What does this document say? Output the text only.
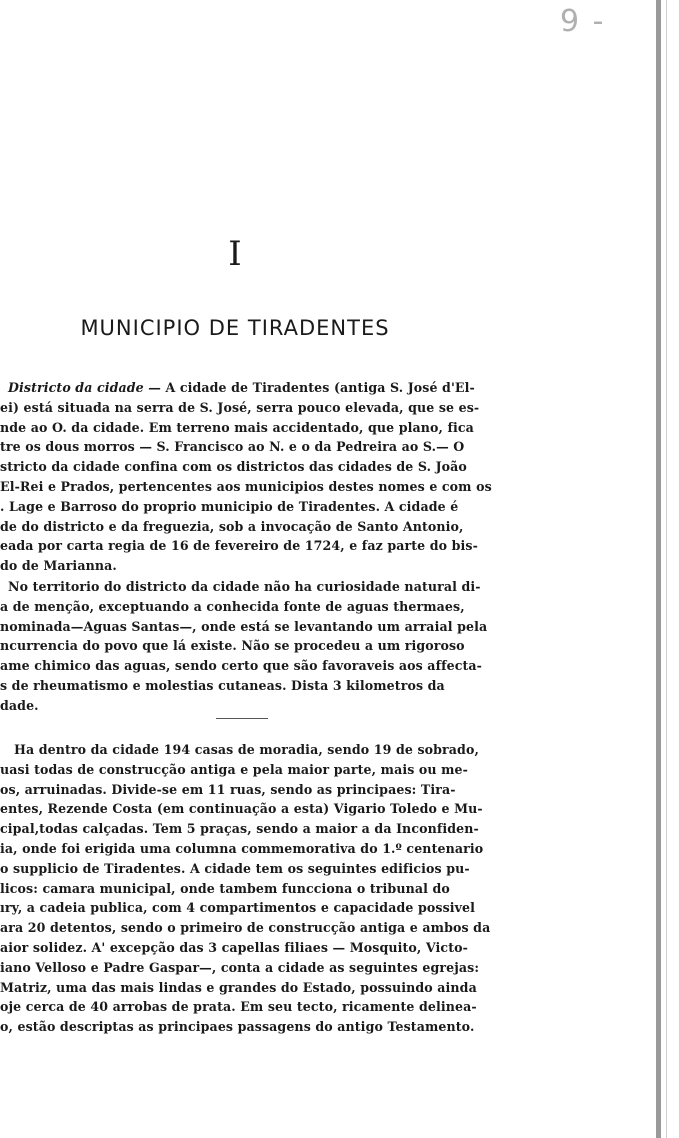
9 -
I
MUNICIPIO DE TIRADENTES
Districto da cidade — A cidade de Tiradentes (antiga S. José d'El-
ei) está situada na serra de S. José, serra pouco elevada, que se es-
nde ao O. da cidade. Em terreno mais accidentado, que plano, fica
tre os dous morros — S. Francisco ao N. e o da Pedreira ao S.— O
stricto da cidade confina com os districtos das cidades de S. João
El-Rei e Prados, pertencentes aos municipios destes nomes e com os
. Lage e Barroso do proprio municipio de Tiradentes. A cidade é
de do districto e da freguezia, sob a invocação de Santo Antonio,
eada por carta regia de 16 de fevereiro de 1724, e faz parte do bis-
do de Marianna.
No territorio do districto da cidade não ha curiosidade natural di-
a de menção, exceptuando a conhecida fonte de aguas thermaes,
nominada—Aguas Santas—, onde está se levantando um arraial pela
ncurrencia do povo que lá existe. Não se procedeu a um rigoroso
ame chimico das aguas, sendo certo que são favoraveis aos affecta-
s de rheumatismo e molestias cutaneas. Dista 3 kilometros da
dade.
Ha dentro da cidade 194 casas de moradia, sendo 19 de sobrado,
uasi todas de construcção antiga e pela maior parte, mais ou me-
os, arruinadas. Divide-se em 11 ruas, sendo as principaes: Tira-
entes, Rezende Costa (em continuação a esta) Vigario Toledo e Mu-
cipal,todas calçadas. Tem 5 praças, sendo a maior a da Inconfiden-
ia, onde foi erigida uma columna commemorativa do 1.º centenario
o supplicio de Tiradentes. A cidade tem os seguintes edificios pu-
licos: camara municipal, onde tambem funcciona o tribunal do
ıry, a cadeia publica, com 4 compartimentos e capacidade possivel
ara 20 detentos, sendo o primeiro de construcção antiga e ambos da
aior solidez. A' excepção das 3 capellas filiaes — Mosquito, Victo-
iano Velloso e Padre Gaspar—, conta a cidade as seguintes egrejas:
Matriz, uma das mais lindas e grandes do Estado, possuindo ainda
oje cerca de 40 arrobas de prata. Em seu tecto, ricamente delinea-
o, estão descriptas as principaes passagens do antigo Testamento.
